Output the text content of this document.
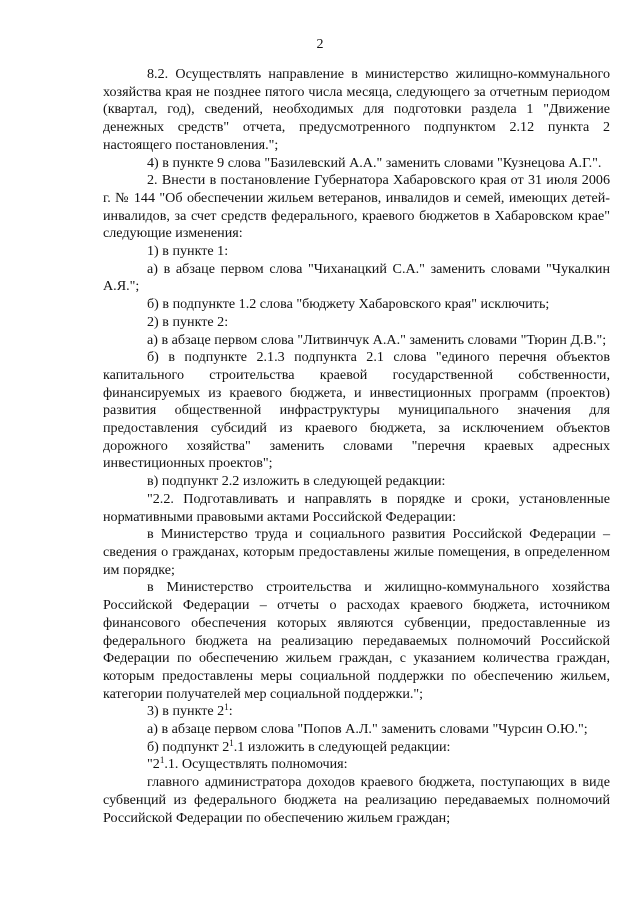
2

8.2. Осуществлять направление в министерство жилищно-коммунального хозяйства края не позднее пятого числа месяца, следующего за отчетным периодом (квартал, год), сведений, необходимых для подготовки раздела 1 "Движение денежных средств" отчета, предусмотренного подпунктом 2.12 пункта 2 настоящего постановления.";

4) в пункте 9 слова "Базилевский А.А." заменить словами "Кузнецова А.Г.".

2. Внести в постановление Губернатора Хабаровского края от 31 июля 2006 г. № 144 "Об обеспечении жильем ветеранов, инвалидов и семей, имеющих детей-инвалидов, за счет средств федерального, краевого бюджетов в Хабаровском крае" следующие изменения:

1) в пункте 1:

а) в абзаце первом слова "Чиханацкий С.А." заменить словами "Чукалкин А.Я.";

б) в подпункте 1.2 слова "бюджету Хабаровского края" исключить;

2) в пункте 2:

а) в абзаце первом слова "Литвинчук А.А." заменить словами "Тюрин Д.В.";

б) в подпункте 2.1.3 подпункта 2.1 слова "единого перечня объектов капитального строительства краевой государственной собственности, финансируемых из краевого бюджета, и инвестиционных программ (проектов) развития общественной инфраструктуры муниципального значения для предоставления субсидий из краевого бюджета, за исключением объектов дорожного хозяйства" заменить словами "перечня краевых адресных инвестиционных проектов";

в) подпункт 2.2 изложить в следующей редакции:

"2.2. Подготавливать и направлять в порядке и сроки, установленные нормативными правовыми актами Российской Федерации:

в Министерство труда и социального развития Российской Федерации – сведения о гражданах, которым предоставлены жилые помещения, в определенном им порядке;

в Министерство строительства и жилищно-коммунального хозяйства Российской Федерации – отчеты о расходах краевого бюджета, источником финансового обеспечения которых являются субвенции, предоставленные из федерального бюджета на реализацию передаваемых полномочий Российской Федерации по обеспечению жильем граждан, с указанием количества граждан, которым предоставлены меры социальной поддержки по обеспечению жильем, категории получателей мер социальной поддержки.";

3) в пункте $2^1$:

а) в абзаце первом слова "Попов А.Л." заменить словами "Чурсин О.Ю.";

б) подпункт $2^1.1$ изложить в следующей редакции:

"$2^1.1$. Осуществлять полномочия:

главного администратора доходов краевого бюджета, поступающих в виде субвенций из федерального бюджета на реализацию передаваемых полномочий Российской Федерации по обеспечению жильем граждан;
